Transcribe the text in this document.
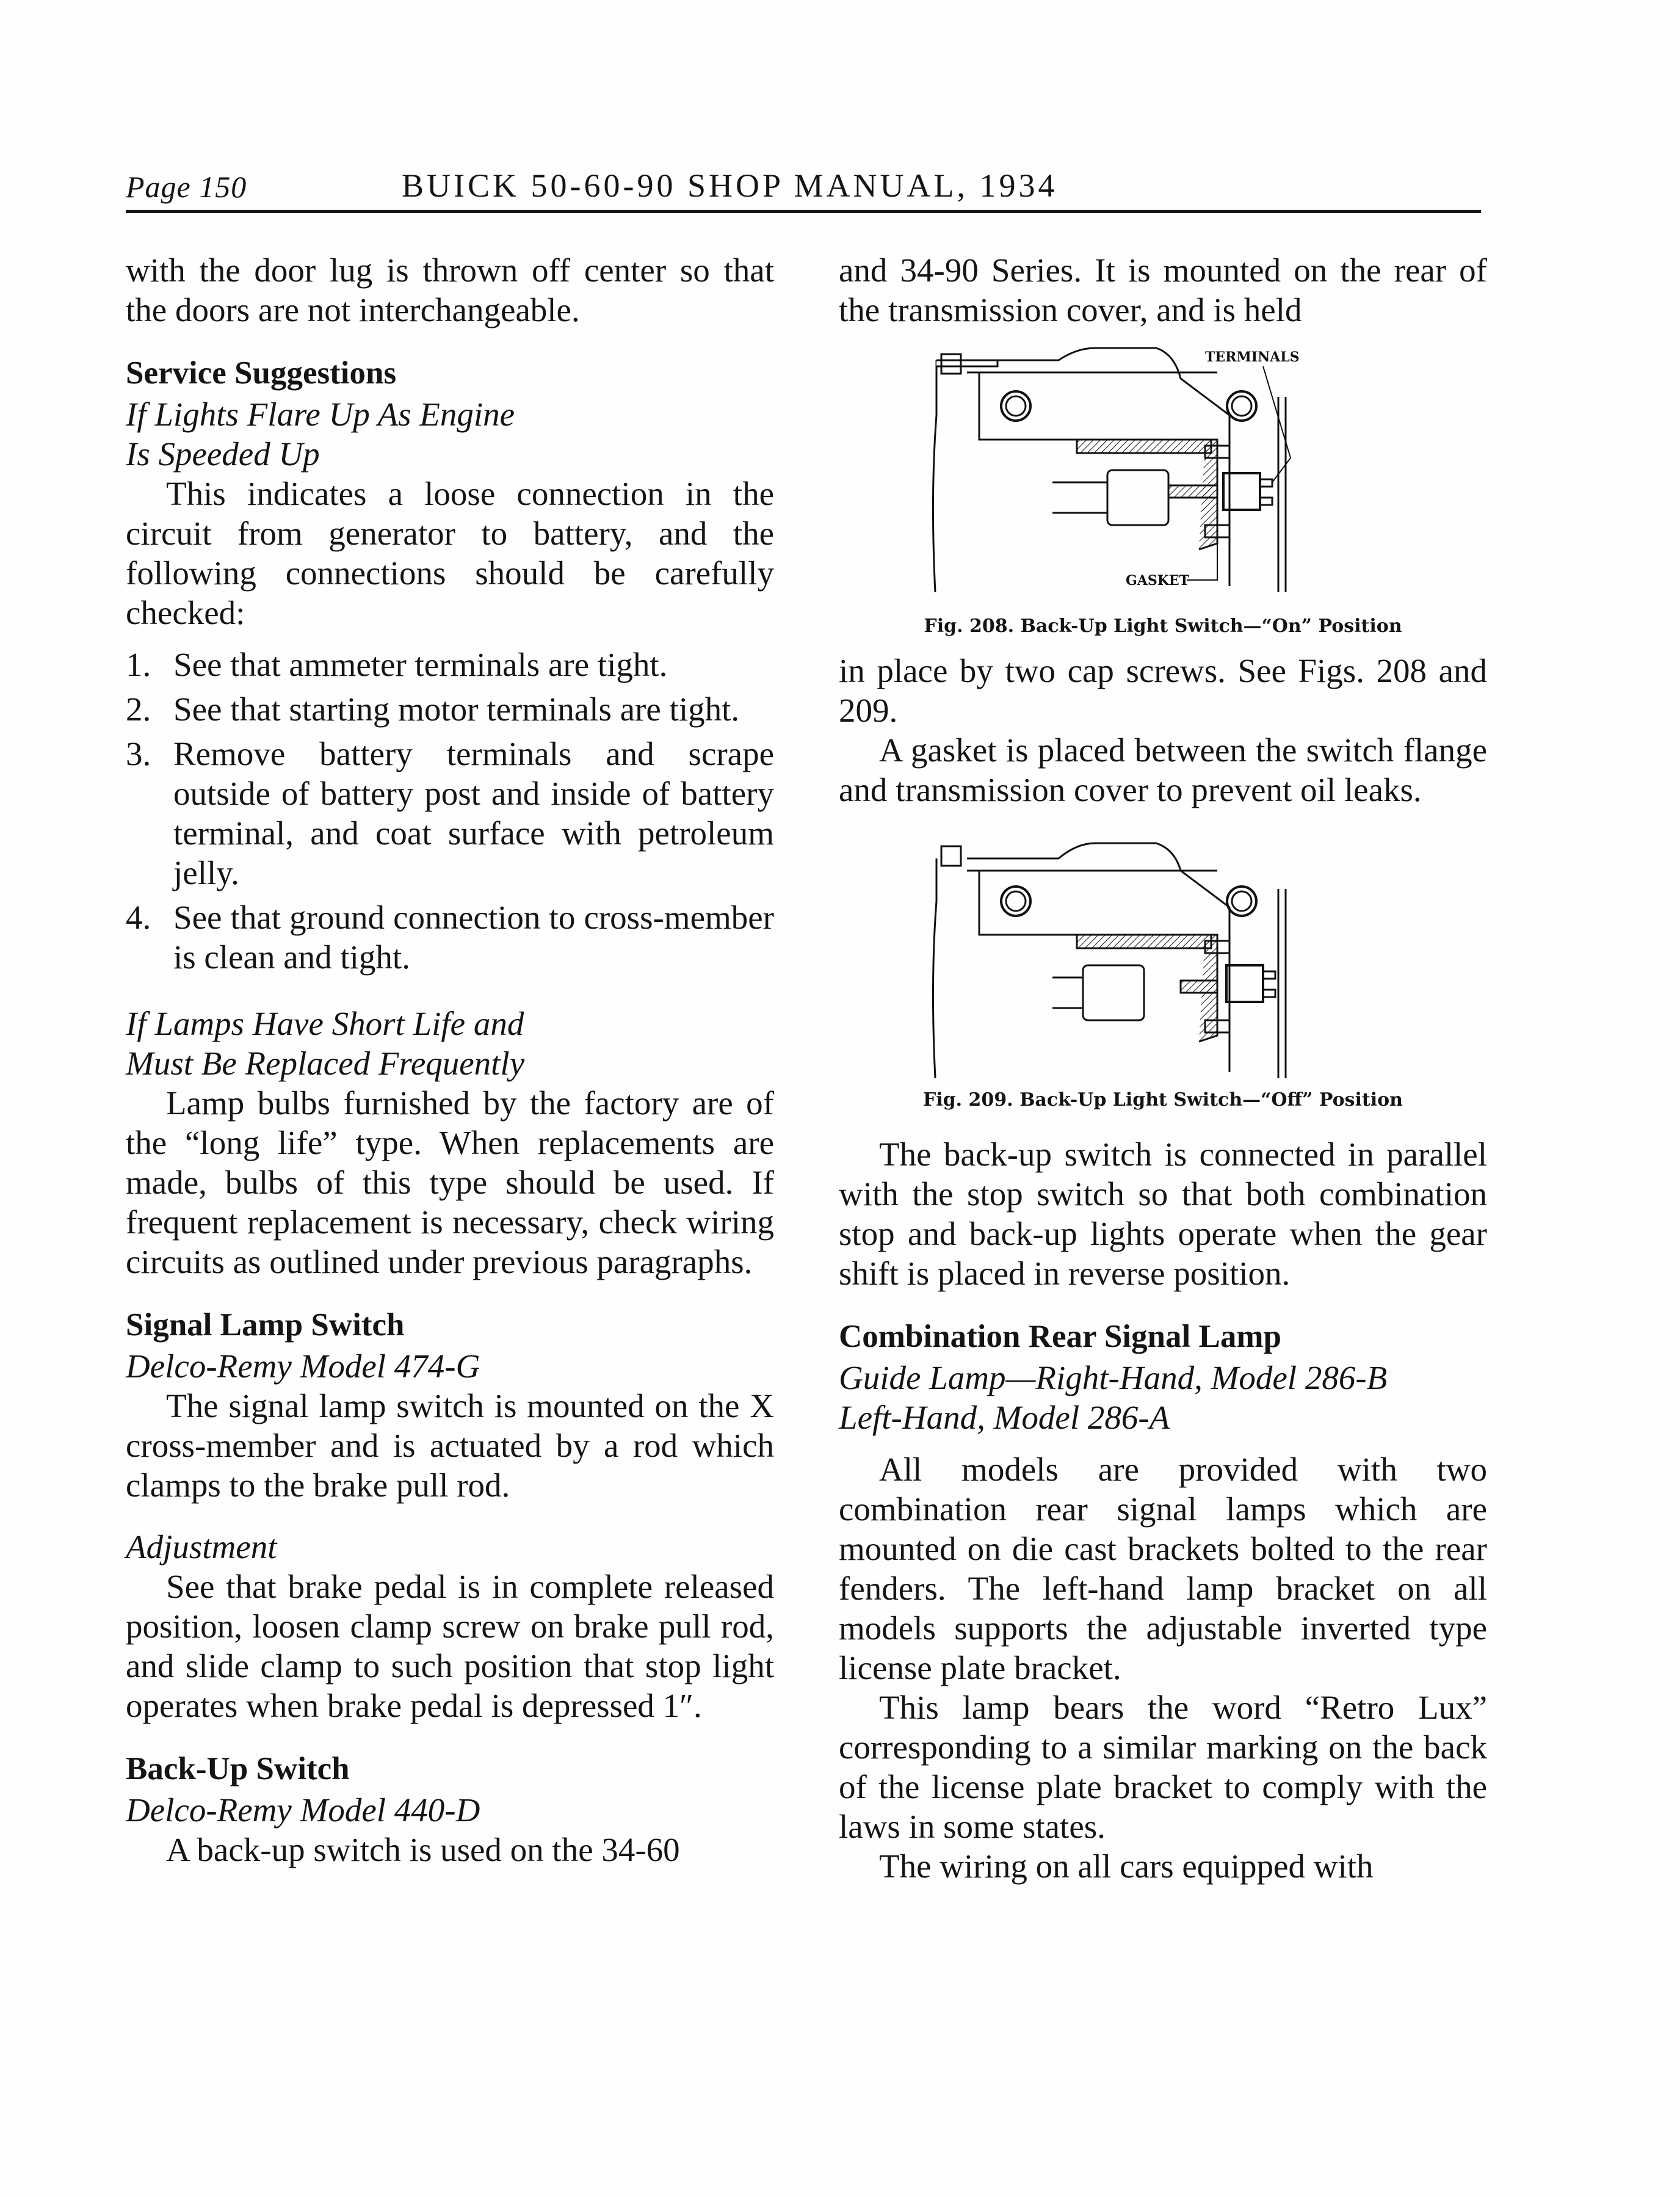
Page 150	BUICK 50-60-90 SHOP MANUAL, 1934

with the door lug is thrown off center so that the doors are not interchangeable.

Service Suggestions
If Lights Flare Up As Engine
Is Speeded Up

This indicates a loose connection in the circuit from generator to battery, and the following connections should be carefully checked:

1. See that ammeter terminals are tight.
2. See that starting motor terminals are tight.
3. Remove battery terminals and scrape outside of battery post and inside of battery terminal, and coat surface with petroleum jelly.
4. See that ground connection to cross-member is clean and tight.
If Lamps Have Short Life and
Must Be Replaced Frequently

Lamp bulbs furnished by the factory are of the “long life” type. When replacements are made, bulbs of this type should be used. If frequent replacement is necessary, check wiring circuits as outlined under previous paragraphs.

Signal Lamp Switch
Delco-Remy Model 474-G

The signal lamp switch is mounted on the X cross-member and is actuated by a rod which clamps to the brake pull rod.

Adjustment

See that brake pedal is in complete released position, loosen clamp screw on brake pull rod, and slide clamp to such position that stop light operates when brake pedal is depressed 1″.

Back-Up Switch
Delco-Remy Model 440-D

A back-up switch is used on the 34-60

and 34-90 Series. It is mounted on the rear of the transmission cover, and is held

TERMINALS
GASKET
Fig. 208. Back-Up Light Switch—“On” Position

in place by two cap screws. See Figs. 208 and 209.

A gasket is placed between the switch flange and transmission cover to prevent oil leaks.

Fig. 209. Back-Up Light Switch—“Off” Position

The back-up switch is connected in parallel with the stop switch so that both combination stop and back-up lights operate when the gear shift is placed in reverse position.

Combination Rear Signal Lamp
Guide Lamp—Right-Hand, Model 286-B
Left-Hand, Model 286-A

All models are provided with two combination rear signal lamps which are mounted on die cast brackets bolted to the rear fenders. The left-hand lamp bracket on all models supports the adjustable inverted type license plate bracket.

This lamp bears the word “Retro Lux” corresponding to a similar marking on the back of the license plate bracket to comply with the laws in some states.

The wiring on all cars equipped with
